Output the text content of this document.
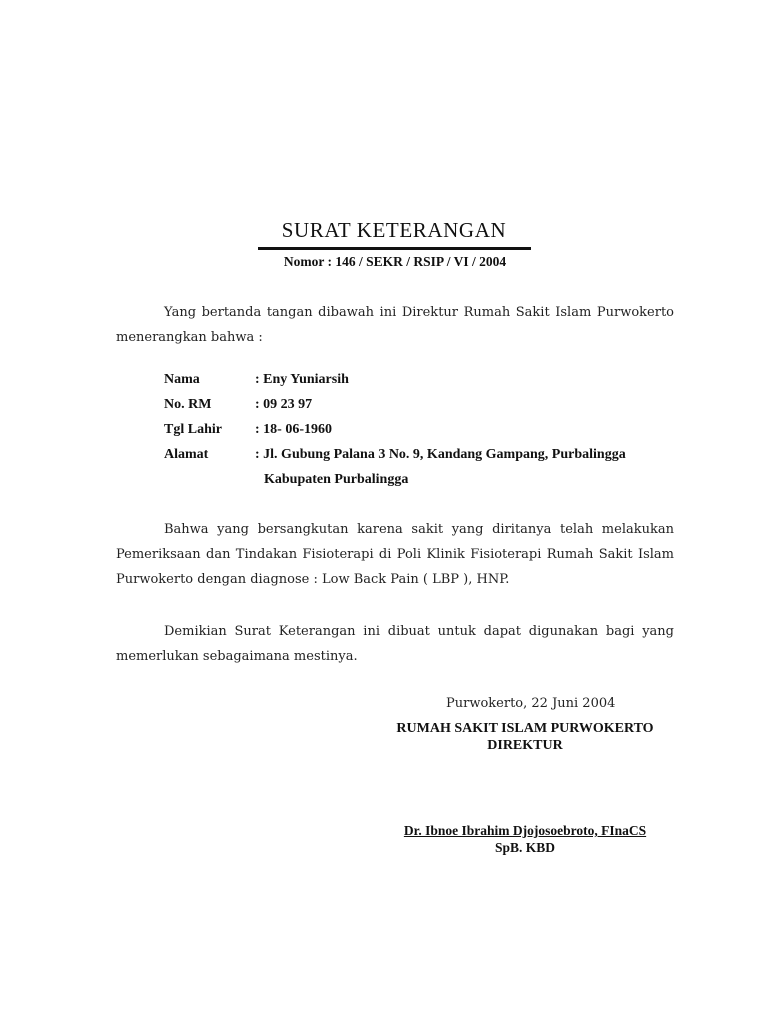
SURAT KETERANGAN
Nomor : 146 / SEKR / RSIP / VI / 2004
Yang bertanda tangan dibawah ini Direktur Rumah Sakit Islam Purwokerto menerangkan bahwa :
Nama	: Eny Yuniarsih
No. RM	: 09 23 97
Tgl Lahir : 18- 06-1960
Alamat	: Jl. Gubung Palana 3 No. 9, Kandang Gampang, Purbalingga
Kabupaten Purbalingga
Bahwa yang bersangkutan karena sakit yang diritanya telah melakukan Pemeriksaan dan Tindakan Fisioterapi di Poli Klinik Fisioterapi Rumah Sakit Islam Purwokerto dengan diagnose : Low Back Pain ( LBP ), HNP.
Demikian Surat Keterangan ini dibuat untuk dapat digunakan bagi yang memerlukan sebagaimana mestinya.
Purwokerto, 22 Juni 2004
RUMAH SAKIT ISLAM PURWOKERTO
DIREKTUR
Dr. Ibnoe Ibrahim Djojosoebroto, FInaCS
SpB. KBD
